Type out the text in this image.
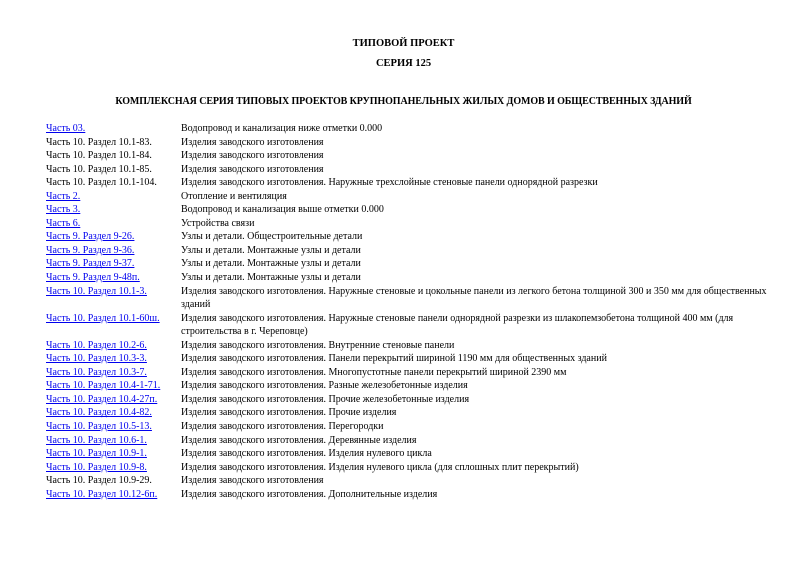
ТИПОВОЙ ПРОЕКТ
СЕРИЯ 125
КОМПЛЕКСНАЯ СЕРИЯ ТИПОВЫХ ПРОЕКТОВ КРУПНОПАНЕЛЬНЫХ ЖИЛЫХ ДОМОВ И ОБЩЕСТВЕННЫХ ЗДАНИЙ
Часть 03.	Водопровод и канализация ниже отметки 0.000
Часть 10. Раздел 10.1-83.	Изделия заводского изготовления
Часть 10. Раздел 10.1-84.	Изделия заводского изготовления
Часть 10. Раздел 10.1-85.	Изделия заводского изготовления
Часть 10. Раздел 10.1-104.	Изделия заводского изготовления. Наружные трехслойные стеновые панели однорядной разрезки
Часть 2.	Отопление и вентиляция
Часть 3.	Водопровод и канализация выше отметки 0.000
Часть 6.	Устройства связи
Часть 9. Раздел 9-26.	Узлы и детали. Общестроительные детали
Часть 9. Раздел 9-36.	Узлы и детали. Монтажные узлы и детали
Часть 9. Раздел 9-37.	Узлы и детали. Монтажные узлы и детали
Часть 9. Раздел 9-48п.	Узлы и детали. Монтажные узлы и детали
Часть 10. Раздел 10.1-3.	Изделия заводского изготовления. Наружные стеновые и цокольные панели из легкого бетона толщиной 300 и 350 мм для общественных зданий
Часть 10. Раздел 10.1-60ш.	Изделия заводского изготовления. Наружные стеновые панели однорядной разрезки из шлакопемзобетона толщиной 400 мм (для строительства в г. Череповце)
Часть 10. Раздел 10.2-6.	Изделия заводского изготовления. Внутренние стеновые панели
Часть 10. Раздел 10.3-3.	Изделия заводского изготовления. Панели перекрытий шириной 1190 мм для общественных зданий
Часть 10. Раздел 10.3-7.	Изделия заводского изготовления. Многопустотные панели перекрытий шириной 2390 мм
Часть 10. Раздел 10.4-1-71.	Изделия заводского изготовления. Разные железобетонные изделия
Часть 10. Раздел 10.4-27п.	Изделия заводского изготовления. Прочие железобетонные изделия
Часть 10. Раздел 10.4-82.	Изделия заводского изготовления. Прочие изделия
Часть 10. Раздел 10.5-13.	Изделия заводского изготовления. Перегородки
Часть 10. Раздел 10.6-1.	Изделия заводского изготовления. Деревянные изделия
Часть 10. Раздел 10.9-1.	Изделия заводского изготовления. Изделия нулевого цикла
Часть 10. Раздел 10.9-8.	Изделия заводского изготовления. Изделия нулевого цикла (для сплошных плит перекрытий)
Часть 10. Раздел 10.9-29.	Изделия заводского изготовления
Часть 10. Раздел 10.12-6п.	Изделия заводского изготовления. Дополнительные изделия
